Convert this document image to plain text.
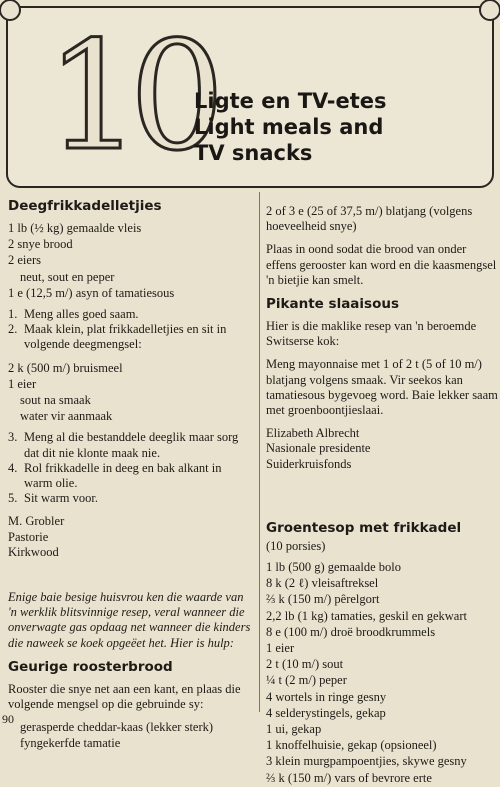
10
Ligte en TV-etes
Light meals and
TV snacks
Deegfrikkadelletjies
1 lb (½ kg) gemaalde vleis
2 snye brood
2 eiers
neut, sout en peper
1 e (12,5 m/) asyn of tamatiesous
1. Meng alles goed saam.
2. Maak klein, plat frikkadelletjies en sit in volgende deegmengsel:
2 k (500 m/) bruismeel
1 eier
sout na smaak
water vir aanmaak
3. Meng al die bestanddele deeglik maar sorg dat dit nie klonte maak nie.
4. Rol frikkadelle in deeg en bak alkant in warm olie.
5. Sit warm voor.
M. Grobler
Pastorie
Kirkwood

Enige baie besige huisvrou ken die waarde van 'n werklik blitsvinnige resep, veral wanneer die onverwagte gas opdaag net wanneer die kinders die naweek se koek opgeëet het. Hier is hulp:

Geurige roosterbrood

Rooster die snye net aan een kant, en plaas die volgende mengsel op die gebruinde sy:

gerasperde cheddar-kaas (lekker sterk)
fyngekerfde tamatie

2 of 3 e (25 of 37,5 m/) blatjang (volgens hoeveelheid snye)

Plaas in oond sodat die brood van onder effens gerooster kan word en die kaasmengsel 'n bietjie kan smelt.

Pikante slaaisous

Hier is die maklike resep van 'n beroemde Switserse kok:

Meng mayonnaise met 1 of 2 t (5 of 10 m/) blatjang volgens smaak. Vir seekos kan tamatiesous bygevoeg word. Baie lekker saam met groenboontjieslaai.

Elizabeth Albrecht
Nasionale presidente
Suiderkruisfonds
Groentesop met frikkadel
(10 porsies)
1 lb (500 g) gemaalde bolo
8 k (2 ℓ) vleisaftreksel
⅔ k (150 m/) pêrelgort
2,2 lb (1 kg) tamaties, geskil en gekwart
8 e (100 m/) droë broodkrummels
1 eier
2 t (10 m/) sout
¼ t (2 m/) peper
4 wortels in ringe gesny
4 selderystingels, gekap
1 ui, gekap
1 knoffelhuisie, gekap (opsioneel)
3 klein murgpampoentjies, skywe gesny
⅔ k (150 m/) vars of bevrore erte
90
